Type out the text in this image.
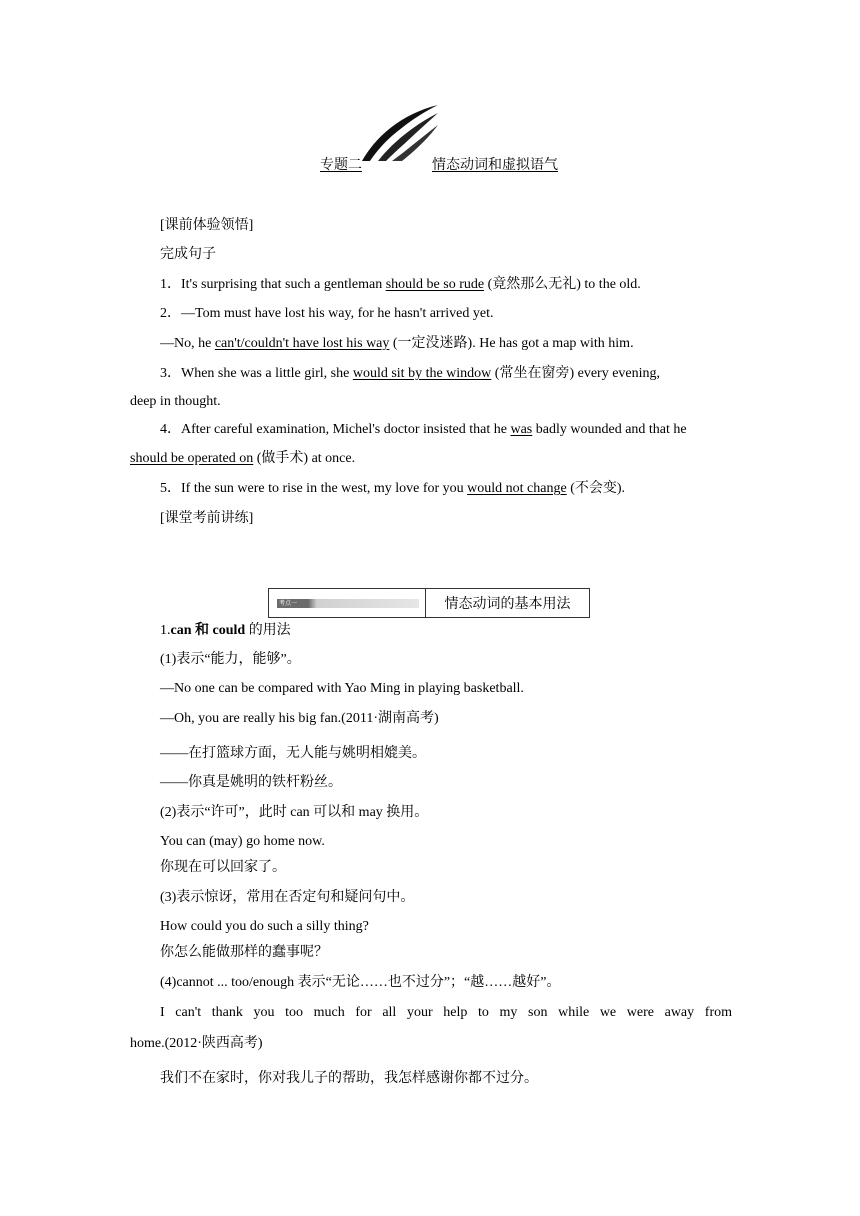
专题二	情态动词和虚拟语气
[课前体验领悟]
完成句子
1．It's surprising that such a gentleman should be so rude (竟然那么无礼) to the old.
2．—Tom must have lost his way, for he hasn't arrived yet.
—No, he can't/couldn't have lost his way (一定没迷路). He has got a map with him.
3．When she was a little girl, she would sit by the window (常坐在窗旁) every evening,
deep in thought.
4．After careful examination, Michel's doctor insisted that he was badly wounded and that he
should be operated on (做手术) at once.
5．If the sun were to rise in the west, my love for you would not change (不会变).
[课堂考前讲练]
考点一	情态动词的基本用法
1.can 和 could 的用法
(1)表示“能力，能够”。
—No one can be compared with Yao Ming in playing basketball.
—Oh, you are really his big fan.(2011·湖南高考)
——在打篮球方面，无人能与姚明相媲美。
——你真是姚明的铁杆粉丝。
(2)表示“许可”，此时 can 可以和 may 换用。
You can (may) go home now.
你现在可以回家了。
(3)表示惊讶，常用在否定句和疑问句中。
How could you do such a silly thing?
你怎么能做那样的蠢事呢？
(4)cannot ... too/enough 表示“无论……也不过分”；“越……越好”。
I can't thank you too much for all your help to my son while we were away from
home.(2012·陕西高考)
我们不在家时，你对我儿子的帮助，我怎样感谢你都不过分。
